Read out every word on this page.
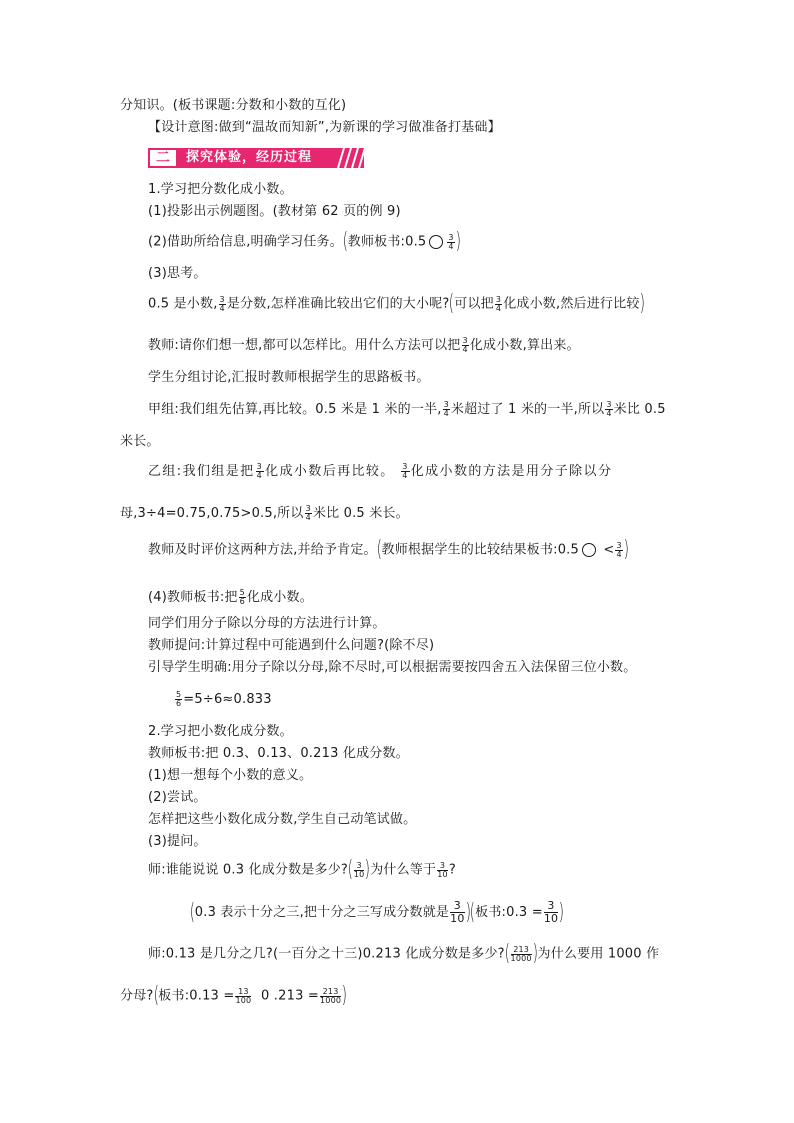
分知识。(板书课题:分数和小数的互化)
【设计意图:做到“温故而知新”,为新课的学习做准备打基础】
二	探究体验，经历过程
1.学习把分数化成小数。
(1)投影出示例题图。(教材第 62 页的例 9)
(2)借助所给信息,明确学习任务。(教师板书:0.5	$\frac{3}{4}$ )
(3)思考。
0.5 是小数, $\frac{3}{4}$ 是分数,怎样准确比较出它们的大小呢?(可以把 $\frac{3}{4}$ 化成小数,然后进行比较)
教师:请你们想一想,都可以怎样比。用什么方法可以把 $\frac{3}{4}$ 化成小数,算出来。
学生分组讨论,汇报时教师根据学生的思路板书。
甲组:我们组先估算,再比较。0.5 米是 1 米的一半, $\frac{3}{4}$ 米超过了 1 米的一半,所以 $\frac{3}{4}$ 米比 0.5
米长。
乙组:我们组是把 $\frac{3}{4}$ 化成小数后再比较。 $\frac{3}{4}$ 化成小数的方法是用分子除以分
母,3÷4=0.75,0.75>0.5,所以 $\frac{3}{4}$ 米比 0.5 米长。
教师及时评价这两种方法,并给予肯定。(教师根据学生的比较结果板书:0.5 < $\frac{3}{4}$ )
(4)教师板书:把 $\frac{5}{6}$ 化成小数。
同学们用分子除以分母的方法进行计算。
教师提问:计算过程中可能遇到什么问题?(除不尽)
引导学生明确:用分子除以分母,除不尽时,可以根据需要按四舍五入法保留三位小数。
$\frac{5}{6} =5\div 6\approx 0.833$
2.学习把小数化成分数。
教师板书:把 0.3、0.13、0.213 化成分数。
(1)想一想每个小数的意义。
(2)尝试。
怎样把这些小数化成分数,学生自己动笔试做。
(3)提问。
师:谁能说说 0.3 化成分数是多少?( $\frac{3}{10}$ )为什么等于 $\frac{3}{10}$ ?
(0.3 表示十分之三,把十分之三写成分数就是 $\frac{3}{10}$ )(板书:0.3 = $\frac{3}{10}$ )
师:0.13 是几分之几?(一百分之十三)0.213 化成分数是多少?( $\frac{213}{1000}$ )为什么要用 1000 作
分母?(板书:0.13 = $\frac{13}{100} 0$ $.213 = \frac{213}{1000}$ )
